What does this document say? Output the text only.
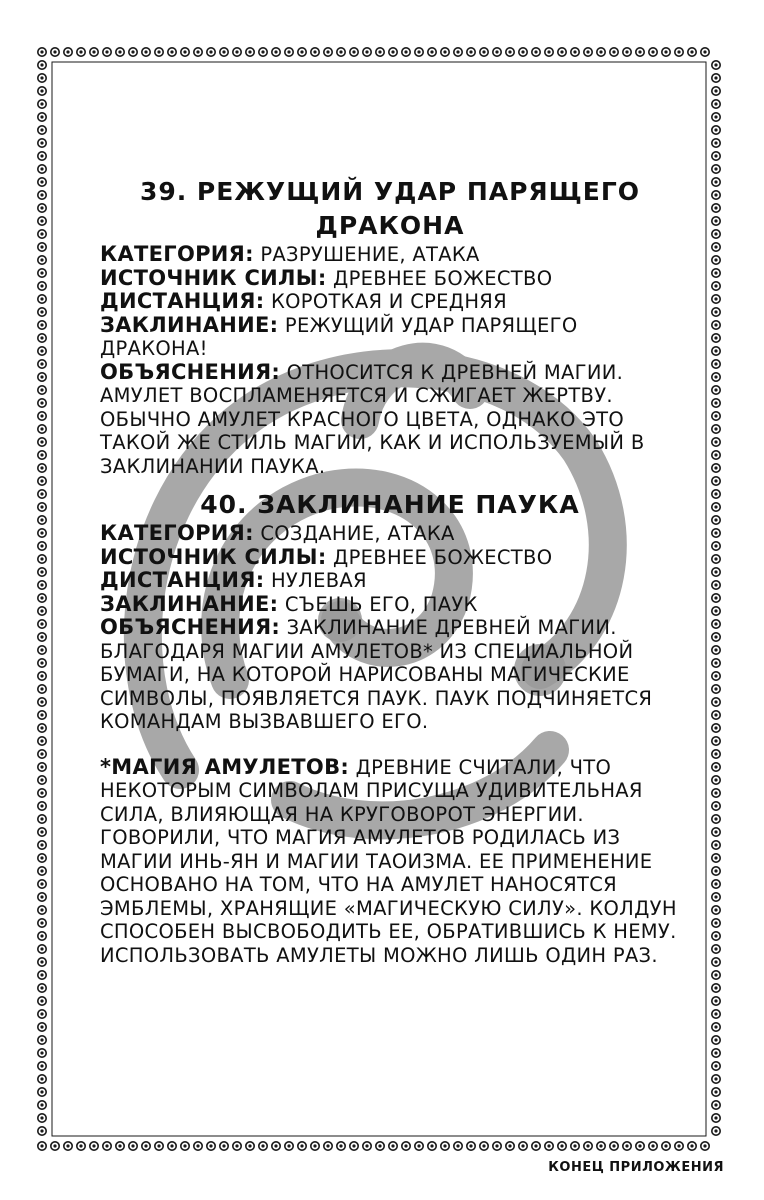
39. РЕЖУЩИЙ УДАР ПАРЯЩЕГО
ДРАКОНА

КАТЕГОРИЯ: РАЗРУШЕНИЕ, АТАКА

ИСТОЧНИК СИЛЫ: ДРЕВНЕЕ БОЖЕСТВО

ДИСТАНЦИЯ: КОРОТКАЯ И СРЕДНЯЯ

ЗАКЛИНАНИЕ: РЕЖУЩИЙ УДАР ПАРЯЩЕГО ДРАКОНА!

ОБЪЯСНЕНИЯ: ОТНОСИТСЯ К ДРЕВНЕЙ МАГИИ. АМУЛЕТ ВОСПЛАМЕНЯЕТСЯ И СЖИГАЕТ ЖЕРТВУ. ОБЫЧНО АМУЛЕТ КРАСНОГО ЦВЕТА, ОДНАКО ЭТО ТАКОЙ ЖЕ СТИЛЬ МАГИИ, КАК И ИСПОЛЬЗУЕМЫЙ В ЗАКЛИНАНИИ ПАУКА.

40. ЗАКЛИНАНИЕ ПАУКА

КАТЕГОРИЯ: СОЗДАНИЕ, АТАКА

ИСТОЧНИК СИЛЫ: ДРЕВНЕЕ БОЖЕСТВО

ДИСТАНЦИЯ: НУЛЕВАЯ

ЗАКЛИНАНИЕ: СЪЕШЬ ЕГО, ПАУК

ОБЪЯСНЕНИЯ: ЗАКЛИНАНИЕ ДРЕВНЕЙ МАГИИ. БЛАГОДАРЯ МАГИИ АМУЛЕТОВ* ИЗ СПЕЦИАЛЬНОЙ БУМАГИ, НА КОТОРОЙ НАРИСОВАНЫ МАГИЧЕСКИЕ СИМВОЛЫ, ПОЯВЛЯЕТСЯ ПАУК. ПАУК ПОДЧИНЯЕТСЯ КОМАНДАМ ВЫЗВАВШЕГО ЕГО.

*МАГИЯ АМУЛЕТОВ: ДРЕВНИЕ СЧИТАЛИ, ЧТО НЕКОТОРЫМ СИМВОЛАМ ПРИСУЩА УДИВИТЕЛЬНАЯ СИЛА, ВЛИЯЮЩАЯ НА КРУГОВОРОТ ЭНЕРГИИ. ГОВОРИЛИ, ЧТО МАГИЯ АМУЛЕТОВ РОДИЛАСЬ ИЗ МАГИИ ИНЬ-ЯН И МАГИИ ТАОИЗМА. ЕЕ ПРИМЕНЕНИЕ ОСНОВАНО НА ТОМ, ЧТО НА АМУЛЕТ НАНОСЯТСЯ ЭМБЛЕМЫ, ХРАНЯЩИЕ «МАГИЧЕСКУЮ СИЛУ». КОЛДУН СПОСОБЕН ВЫСВОБОДИТЬ ЕЕ, ОБРАТИВШИСЬ К НЕМУ. ИСПОЛЬЗОВАТЬ АМУЛЕТЫ МОЖНО ЛИШЬ ОДИН РАЗ.

КОНЕЦ ПРИЛОЖЕНИЯ
